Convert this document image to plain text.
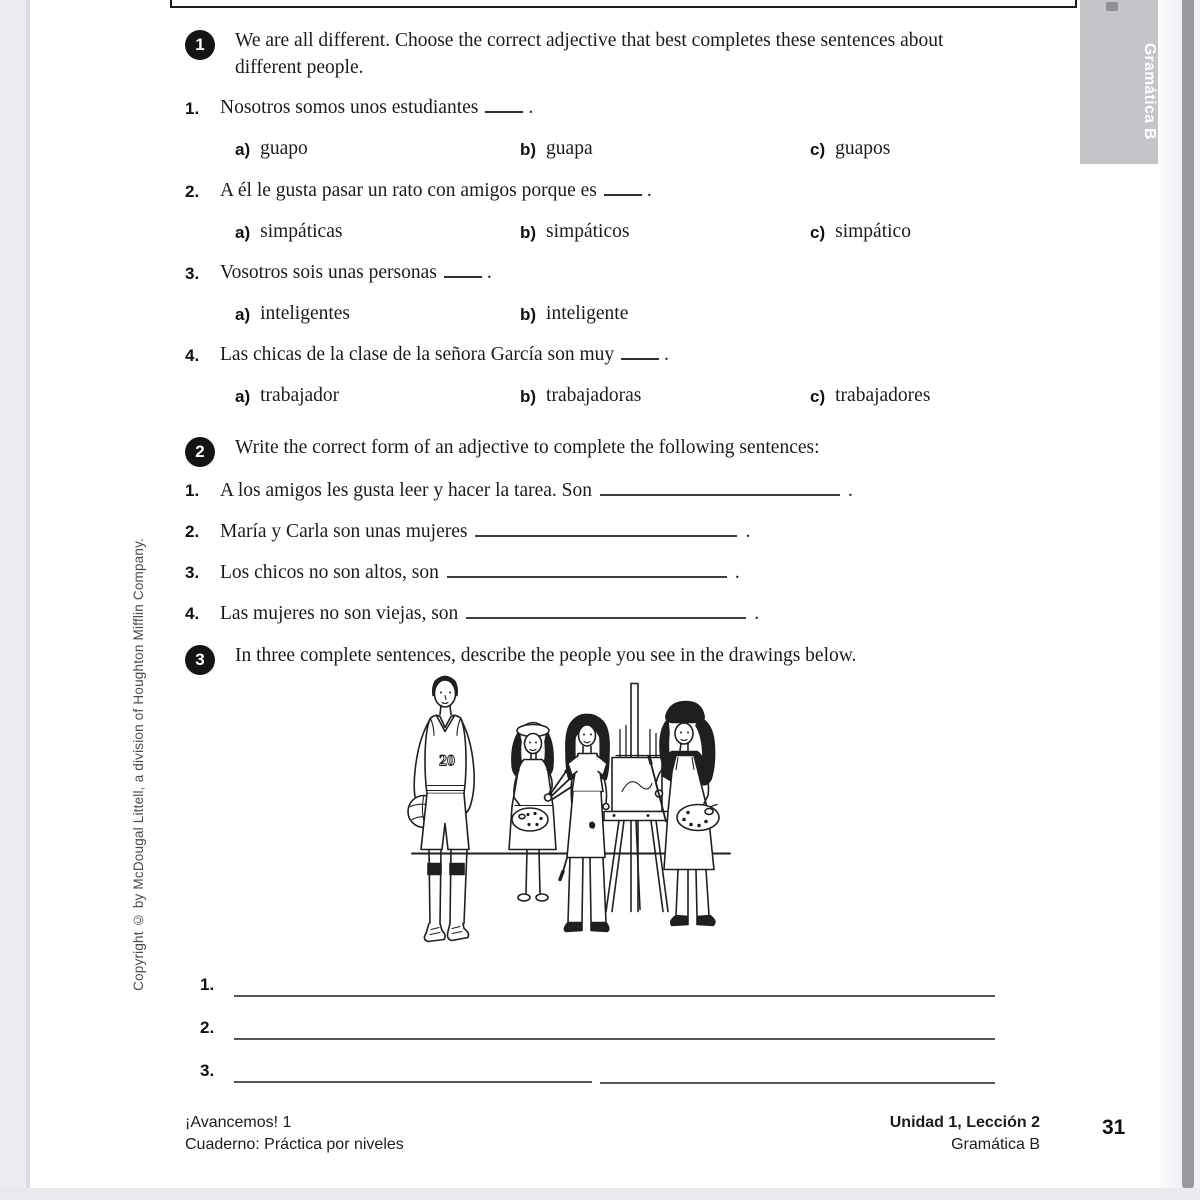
Gramática B
Copyright © by McDougal Littell, a division of Houghton Mifflin Company.
1	We are all different. Choose the correct adjective that best completes these sentences about different people.
1.	Nosotros somos unos estudiantes	.
a) guapo	b) guapa	c) guapos
2.	A él le gusta pasar un rato con amigos porque es	.
a) simpáticas	b) simpáticos	c) simpático
3.	Vosotros sois unas personas	.
a) inteligentes	b) inteligente
4.	Las chicas de la clase de la señora García son muy	.
a) trabajador	b) trabajadoras	c) trabajadores
2	Write the correct form of an adjective to complete the following sentences:
1.	A los amigos les gusta leer y hacer la tarea. Son	.
2.	María y Carla son unas mujeres	.
3.	Los chicos no son altos, son	.
4.	Las mujeres no son viejas, son	.
3	In three complete sentences, describe the people you see in the drawings below.
20
1.
2.
3.
¡Avancemos! 1
Cuaderno: Práctica por niveles
Unidad 1, Lección 2
Gramática B
31
